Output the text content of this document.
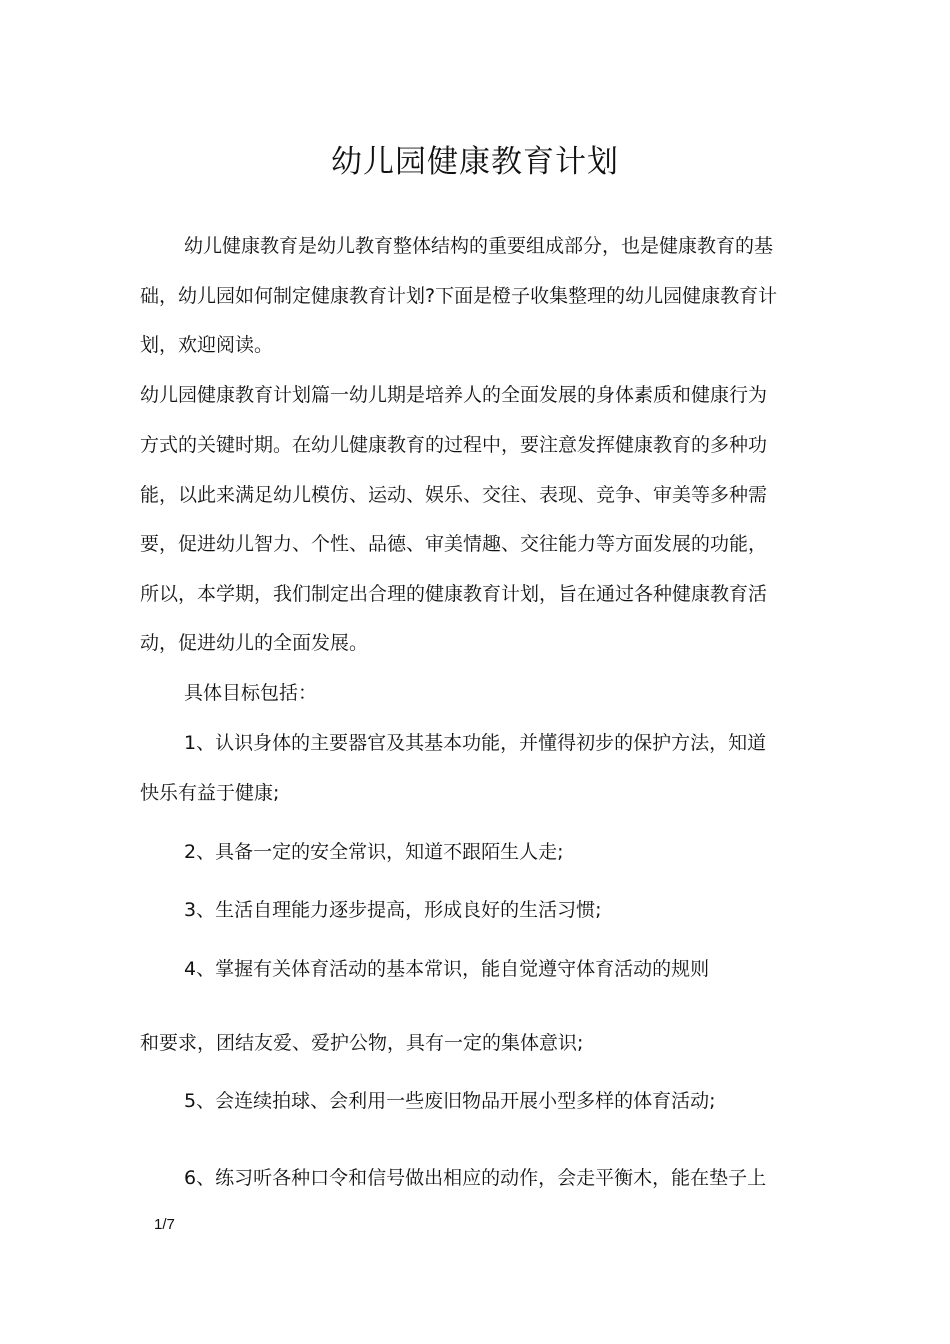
幼儿园健康教育计划
幼儿健康教育是幼儿教育整体结构的重要组成部分，也是健康教育的基
础，幼儿园如何制定健康教育计划?下面是橙子收集整理的幼儿园健康教育计
划，欢迎阅读。
幼儿园健康教育计划篇一幼儿期是培养人的全面发展的身体素质和健康行为
方式的关键时期。在幼儿健康教育的过程中，要注意发挥健康教育的多种功
能，以此来满足幼儿模仿、运动、娱乐、交往、表现、竞争、审美等多种需
要，促进幼儿智力、个性、品德、审美情趣、交往能力等方面发展的功能，
所以，本学期，我们制定出合理的健康教育计划，旨在通过各种健康教育活
动，促进幼儿的全面发展。
具体目标包括：
1、认识身体的主要器官及其基本功能，并懂得初步的保护方法，知道
快乐有益于健康;
2、具备一定的安全常识，知道不跟陌生人走;
3、生活自理能力逐步提高，形成良好的生活习惯;
4、掌握有关体育活动的基本常识，能自觉遵守体育活动的规则
和要求，团结友爱、爱护公物，具有一定的集体意识;
5、会连续拍球、会利用一些废旧物品开展小型多样的体育活动;
6、练习听各种口令和信号做出相应的动作，会走平衡木，能在垫子上
1/7
